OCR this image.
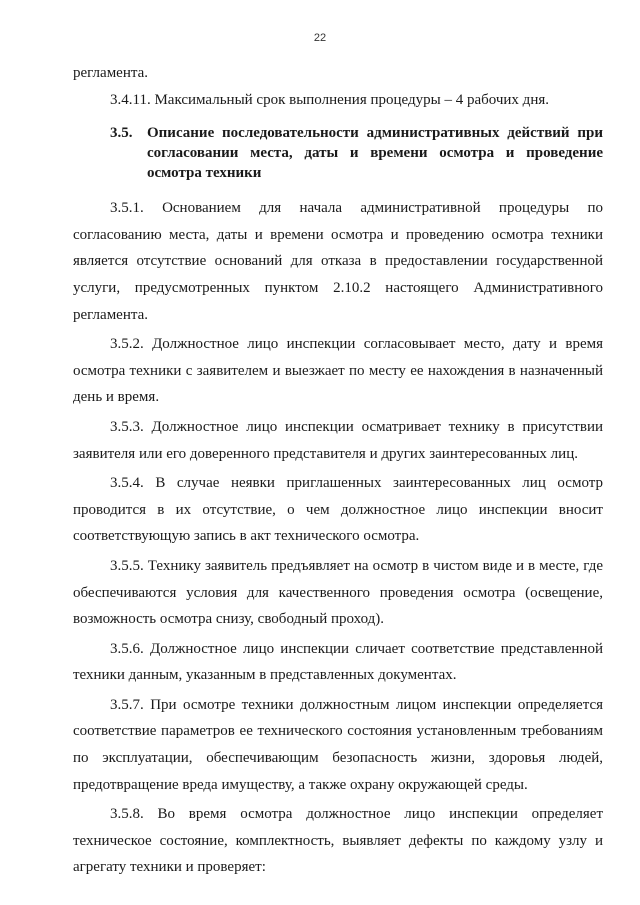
22

регламента.

3.4.11. Максимальный срок выполнения процедуры – 4 рабочих дня.

3.5. Описание последовательности административных действий при согласовании места, даты и времени осмотра и проведение осмотра техники

3.5.1. Основанием для начала административной процедуры по согласованию места, даты и времени осмотра и проведению осмотра техники является отсутствие оснований для отказа в предоставлении государственной услуги, предусмотренных пунктом 2.10.2 настоящего Административного регламента.

3.5.2. Должностное лицо инспекции согласовывает место, дату и время осмотра техники с заявителем и выезжает по месту ее нахождения в назначенный день и время.

3.5.3. Должностное лицо инспекции осматривает технику в присутствии заявителя или его доверенного представителя и других заинтересованных лиц.

3.5.4. В случае неявки приглашенных заинтересованных лиц осмотр проводится в их отсутствие, о чем должностное лицо инспекции вносит соответствующую запись в акт технического осмотра.

3.5.5. Технику заявитель предъявляет на осмотр в чистом виде и в месте, где обеспечиваются условия для качественного проведения осмотра (освещение, возможность осмотра снизу, свободный проход).

3.5.6. Должностное лицо инспекции сличает соответствие представленной техники данным, указанным в представленных документах.

3.5.7. При осмотре техники должностным лицом инспекции определяется соответствие параметров ее технического состояния установленным требованиям по эксплуатации, обеспечивающим безопасность жизни, здоровья людей, предотвращение вреда имуществу, а также охрану окружающей среды.

3.5.8. Во время осмотра должностное лицо инспекции определяет техническое состояние, комплектность, выявляет дефекты по каждому узлу и агрегату техники и проверяет:
